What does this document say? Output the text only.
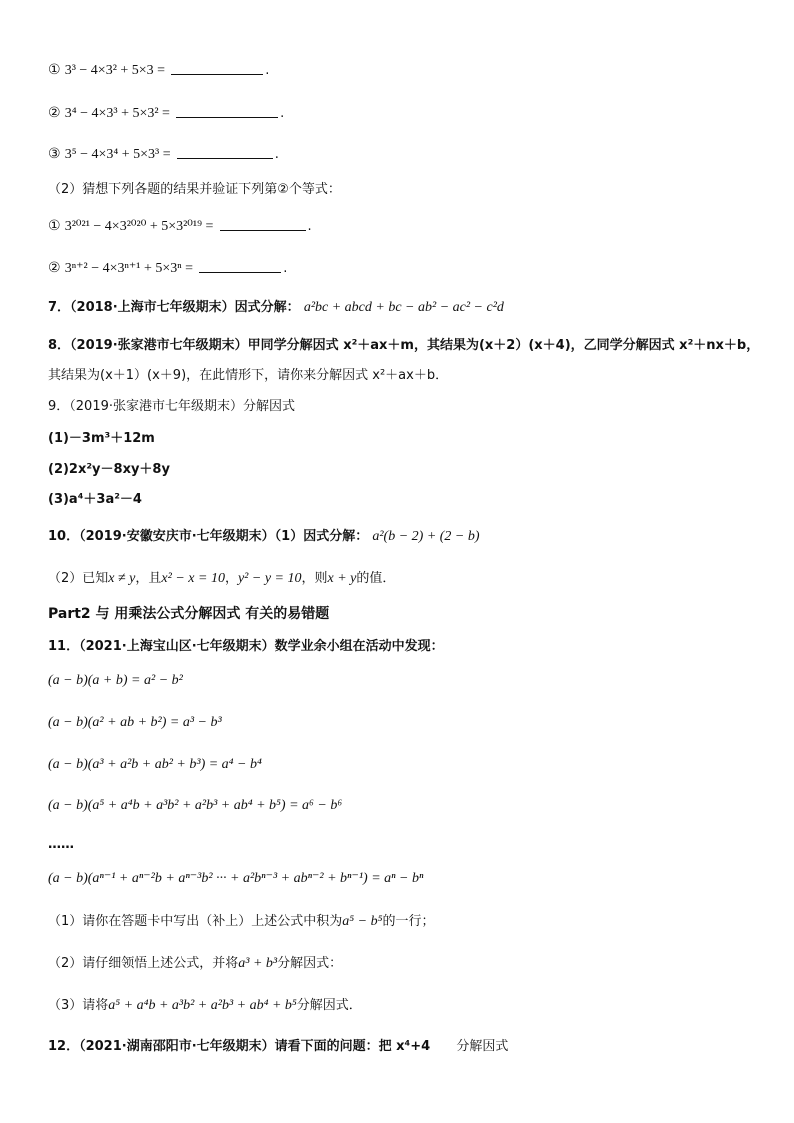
① 3³ − 4×3² + 5×3 =	.
② 3⁴ − 4×3³ + 5×3² =	.
③ 3⁵ − 4×3⁴ + 5×3³ =	.
（2）猜想下列各题的结果并验证下列第②个等式：
① 3²⁰²¹ − 4×3²⁰²⁰ + 5×3²⁰¹⁹ =	.
② 3ⁿ⁺² − 4×3ⁿ⁺¹ + 5×3ⁿ =	.
7．（2018·上海市七年级期末）因式分解： a²bc + abcd + bc − ab² − ac² − c²d
8．（2019·张家港市七年级期末）甲同学分解因式 x²＋ax＋m，其结果为(x＋2）(x＋4)，乙同学分解因式 x²＋nx＋b，
其结果为(x＋1）(x＋9)，在此情形下，请你来分解因式 x²＋ax＋b．
9．（2019·张家港市七年级期末）分解因式
(1)－3m³＋12m
(2)2x²y－8xy＋8y
(3)a⁴＋3a²－4
10．（2019·安徽安庆市·七年级期末）（1）因式分解： a²(b − 2) + (2 − b)
（2）已知x ≠ y，且x² − x = 10，y² − y = 10，则x + y的值．
Part2 与 用乘法公式分解因式 有关的易错题
11．（2021·上海宝山区·七年级期末）数学业余小组在活动中发现：
(a − b)(a + b) = a² − b²
(a − b)(a² + ab + b²) = a³ − b³
(a − b)(a³ + a²b + ab² + b³) = a⁴ − b⁴
(a − b)(a⁵ + a⁴b + a³b² + a²b³ + ab⁴ + b⁵) = a⁶ − b⁶
……
(a − b)(aⁿ⁻¹ + aⁿ⁻²b + aⁿ⁻³b² ··· + a²bⁿ⁻³ + abⁿ⁻² + bⁿ⁻¹) = aⁿ − bⁿ
（1）请你在答题卡中写出（补上）上述公式中积为a⁵ − b⁵的一行；
（2）请仔细领悟上述公式，并将a³ + b³分解因式：
（3）请将a⁵ + a⁴b + a³b² + a²b³ + ab⁴ + b⁵分解因式．
12．（2021·湖南邵阳市·七年级期末）请看下面的问题：把 x⁴+4 分解因式
